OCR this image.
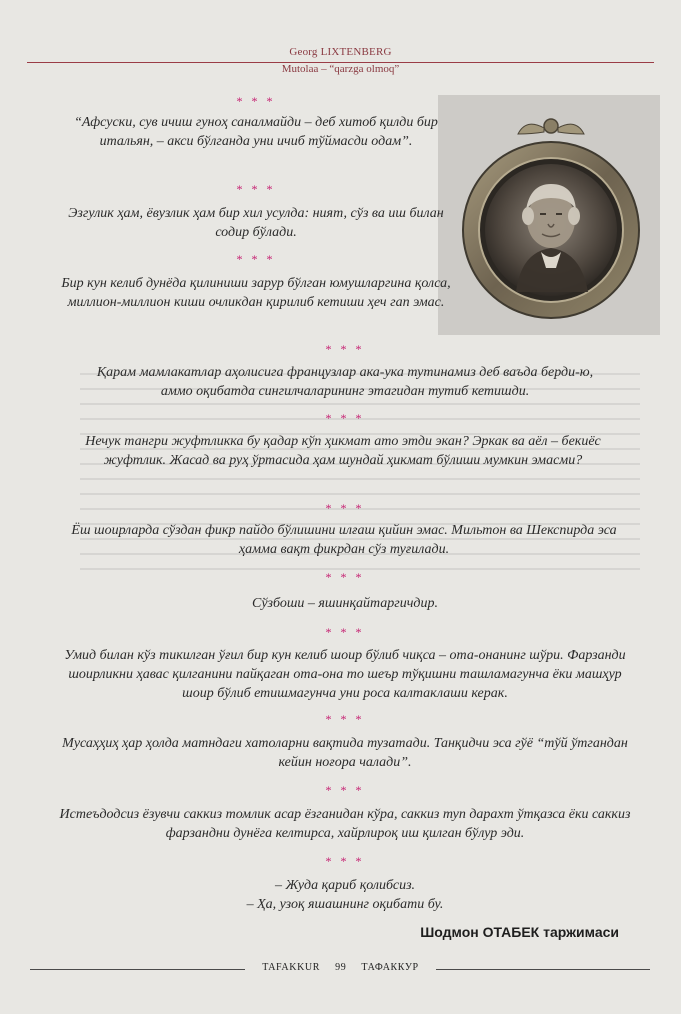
Georg LIXTENBERG
Mutolaa – “qarzga olmoq”
* * *
“Афсуски, сув ичиш гуноҳ саналмайди – деб хитоб қилди бир итальян, – акси бўлганда уни ичиб тўймасди одам”.
* * *
Эзгулик ҳам, ёвузлик ҳам бир хил усулда: ният, сўз ва иш билан содир бўлади.
* * *
Бир кун келиб дунёда қилиниши зарур бўлган юмушларгина қолса, миллион-миллион киши очликдан қирилиб кетиши ҳеч гап эмас.
* * *
Қарам мамлакатлар аҳолисига французлар ака-ука тутинамиз деб ваъда берди-ю, аммо оқибатда сингилчаларининг этагидан тутиб кетишди.
* * *
Нечук тангри жуфтликка бу қадар кўп ҳикмат ато этди экан? Эркак ва аёл – бекиёс жуфтлик. Жасад ва руҳ ўртасида ҳам шундай ҳикмат бўлиши мумкин эмасми?
* * *
Ёш шоирларда сўздан фикр пайдо бўлишини илғаш қийин эмас. Мильтон ва Шекспирда эса ҳамма вақт фикрдан сўз туғилади.
* * *
Сўзбоши – яшинқайтаргичдир.
* * *
Умид билан кўз тикилган ўғил бир кун келиб шоир бўлиб чиқса – ота-онанинг шўри. Фарзанди шоирликни ҳавас қилганини пайқаган ота-она то шеър тўқишни ташламагунча ёки машҳур шоир бўлиб етишмагунча уни роса калтаклаши керак.
* * *
Мусаҳҳиҳ ҳар ҳолда матндаги хатоларни вақтида тузатади. Танқидчи эса гўё “тўй ўтгандан кейин ноғора чалади”.
* * *
Истеъдодсиз ёзувчи саккиз томлик асар ёзганидан кўра, саккиз туп дарахт ўтқазса ёки саккиз фарзандни дунёга келтирса, хайрлироқ иш қилган бўлур эди.
* * *
– Жуда қариб қолибсиз.
– Ҳа, узоқ яшашнинг оқибати бу.
Шодмон ОТАБЕК таржимаси
TAFAKKUR 99 ТАФАККУР
